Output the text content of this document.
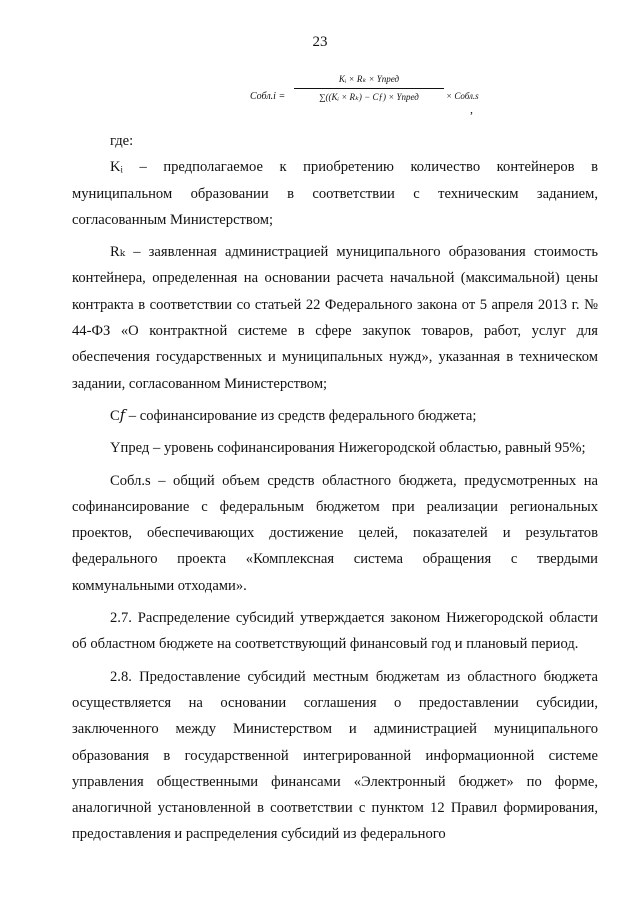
23
Cобл.i =
Kᵢ × Rₖ × Yпред
∑((Kᵢ × Rₖ) − Cƒ) × Yпред	× Cобл.s
,

где:

Kᵢ – предполагаемое к приобретению количество контейнеров в муниципальном образовании в соответствии с техническим заданием, согласованным Министерством;

Rₖ – заявленная администрацией муниципального образования стоимость контейнера, определенная на основании расчета начальной (максимальной) цены контракта в соответствии со статьей 22 Федерального закона от 5 апреля 2013 г. № 44-ФЗ «О контрактной системе в сфере закупок товаров, работ, услуг для обеспечения государственных и муниципальных нужд», указанная в техническом задании, согласованном Министерством;

C𝑓 – софинансирование из средств федерального бюджета;

Yпред – уровень софинансирования Нижегородской областью, равный 95%;

Cобл.s – общий объем средств областного бюджета, предусмотренных на софинансирование с федеральным бюджетом при реализации региональных проектов, обеспечивающих достижение целей, показателей и результатов федерального проекта «Комплексная система обращения с твердыми коммунальными отходами».

2.7. Распределение субсидий утверждается законом Нижегородской области об областном бюджете на соответствующий финансовый год и плановый период.

2.8. Предоставление субсидий местным бюджетам из областного бюджета осуществляется на основании соглашения о предоставлении субсидии, заключенного между Министерством и администрацией муниципального образования в государственной интегрированной информационной системе управления общественными финансами «Электронный бюджет» по форме, аналогичной установленной в соответствии с пунктом 12 Правил формирования, предоставления и распределения субсидий из федерального
